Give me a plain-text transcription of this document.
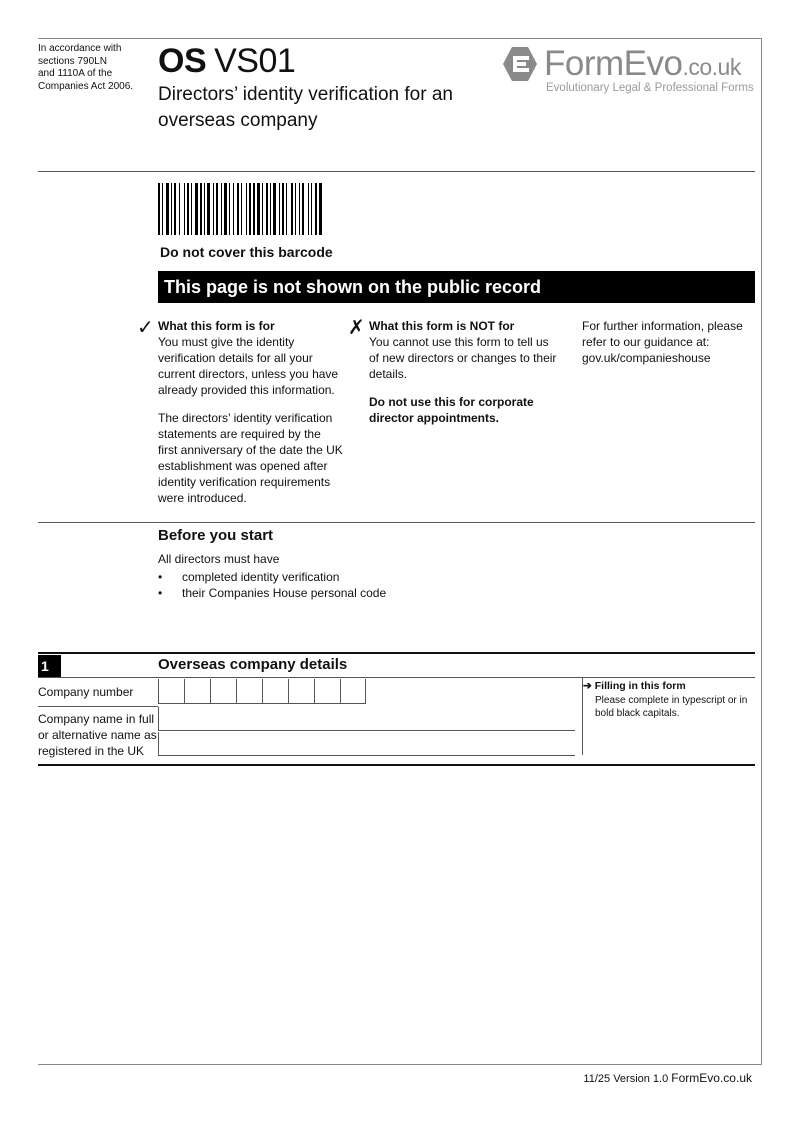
In accordance with
sections 790LN
and 1110A of the
Companies Act 2006.
OS VS01
Directors’ identity verification for an
overseas company
FormEvo.co.uk
Evolutionary Legal & Professional Forms
Do not cover this barcode
This page is not shown on the public record
✓ What this form is for

You must give the identity verification details for all your current directors, unless you have already provided this information.

The directors’ identity verification statements are required by the first anniversary of the date the UK establishment was opened after identity verification requirements were introduced.

✗ What this form is NOT for

You cannot use this form to tell us of new directors or changes to their details.

Do not use this for corporate director appointments.

For further information, please refer to our guidance at:

gov.uk/companieshouse

Before you start
All directors must have
• completed identity verification
• their Companies House personal code
1	Overseas company details
Company number
Company name in full
or alternative name as
registered in the UK
➔ Filling in this form
Please complete in typescript or in bold black capitals.
11/25 Version 1.0 FormEvo.co.uk
